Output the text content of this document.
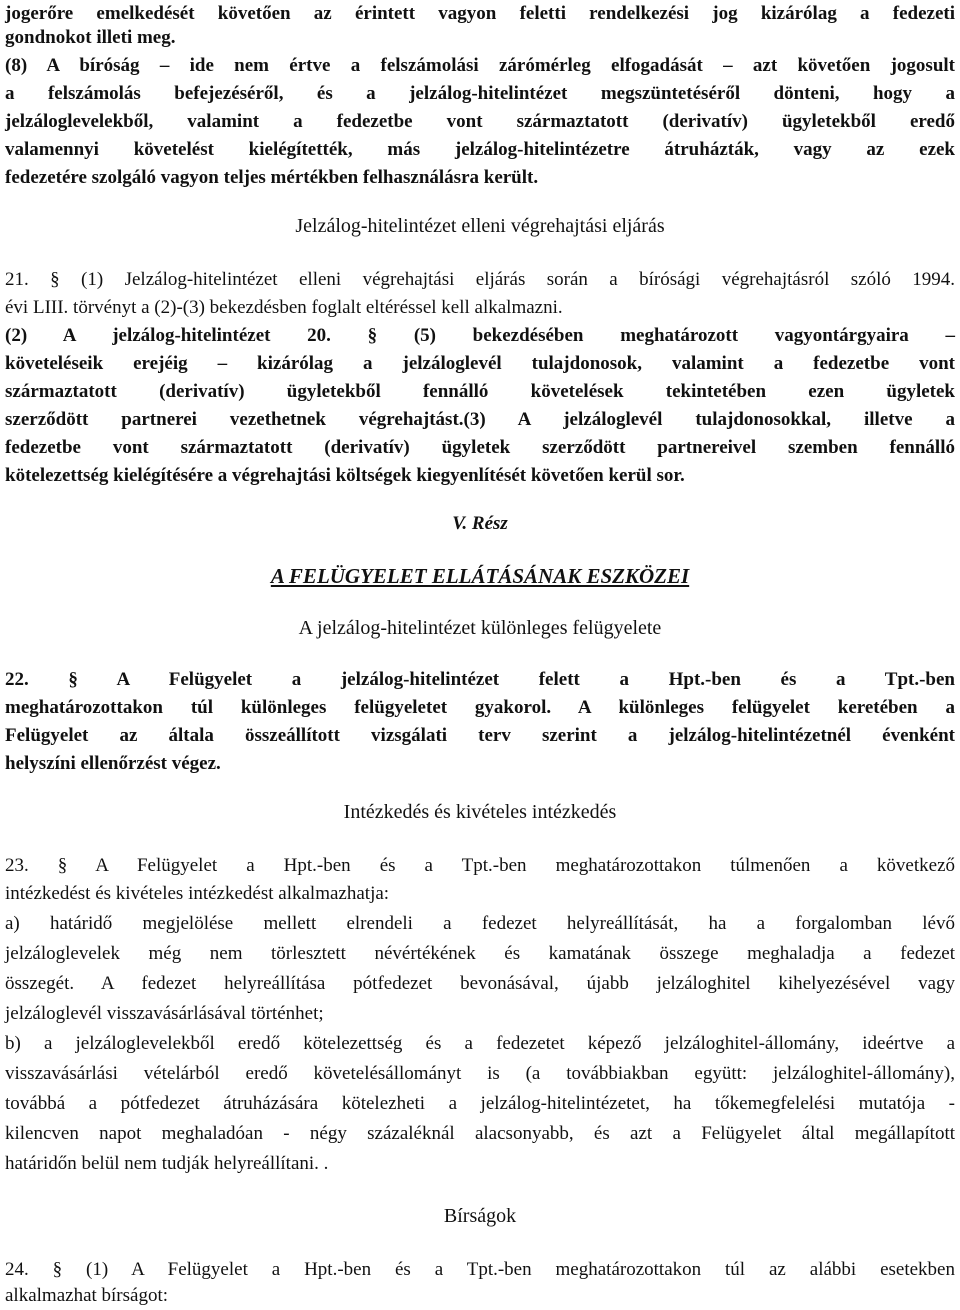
jogerőre emelkedését követően az érintett vagyon feletti rendelkezési jog kizárólag a fedezeti
gondnokot illeti meg.
(8) A bíróság – ide nem értve a felszámolási zárómérleg elfogadását – azt követően jogosult
a felszámolás befejezéséről, és a jelzálog-hitelintézet megszüntetéséről dönteni, hogy a
jelzáloglevelekből, valamint a fedezetbe vont származtatott (derivatív) ügyletekből eredő
valamennyi követelést kielégítették, más jelzálog-hitelintézetre átruházták, vagy az ezek
fedezetére szolgáló vagyon teljes mértékben felhasználásra került.
Jelzálog-hitelintézet elleni végrehajtási eljárás
21. § (1) Jelzálog-hitelintézet elleni végrehajtási eljárás során a bírósági végrehajtásról szóló 1994.
évi LIII. törvényt a (2)-(3) bekezdésben foglalt eltéréssel kell alkalmazni.
(2) A jelzálog-hitelintézet 20. § (5) bekezdésében meghatározott vagyontárgyaira –
követeléseik erejéig – kizárólag a jelzáloglevél tulajdonosok, valamint a fedezetbe vont
származtatott (derivatív) ügyletekből fennálló követelések tekintetében ezen ügyletek
szerződött partnerei vezethetnek végrehajtást.(3) A jelzáloglevél tulajdonosokkal, illetve a
fedezetbe vont származtatott (derivatív) ügyletek szerződött partnereivel szemben fennálló
kötelezettség kielégítésére a végrehajtási költségek kiegyenlítését követően kerül sor.
V. Rész
A FELÜGYELET ELLÁTÁSÁNAK ESZKÖZEI
A jelzálog-hitelintézet különleges felügyelete
22. § A Felügyelet a jelzálog-hitelintézet felett a Hpt.-ben és a Tpt.-ben
meghatározottakon túl különleges felügyeletet gyakorol. A különleges felügyelet keretében a
Felügyelet az általa összeállított vizsgálati terv szerint a jelzálog-hitelintézetnél évenként
helyszíni ellenőrzést végez.
Intézkedés és kivételes intézkedés
23. § A Felügyelet a Hpt.-ben és a Tpt.-ben meghatározottakon túlmenően a következő
intézkedést és kivételes intézkedést alkalmazhatja:
a) határidő megjelölése mellett elrendeli a fedezet helyreállítását, ha a forgalomban lévő
jelzáloglevelek még nem törlesztett névértékének és kamatának összege meghaladja a fedezet
összegét. A fedezet helyreállítása pótfedezet bevonásával, újabb jelzáloghitel kihelyezésével vagy
jelzáloglevél visszavásárlásával történhet;
b) a jelzáloglevelekből eredő kötelezettség és a fedezetet képező jelzáloghitel-állomány, ideértve a
visszavásárlási vételárból eredő követelésállományt is (a továbbiakban együtt: jelzáloghitel-állomány),
továbbá a pótfedezet átruházására kötelezheti a jelzálog-hitelintézetet, ha tőkemegfelelési mutatója -
kilencven napot meghaladóan - négy százaléknál alacsonyabb, és azt a Felügyelet által megállapított
határidőn belül nem tudják helyreállítani. .
Bírságok
24. § (1) A Felügyelet a Hpt.-ben és a Tpt.-ben meghatározottakon túl az alábbi esetekben
alkalmazhat bírságot:
